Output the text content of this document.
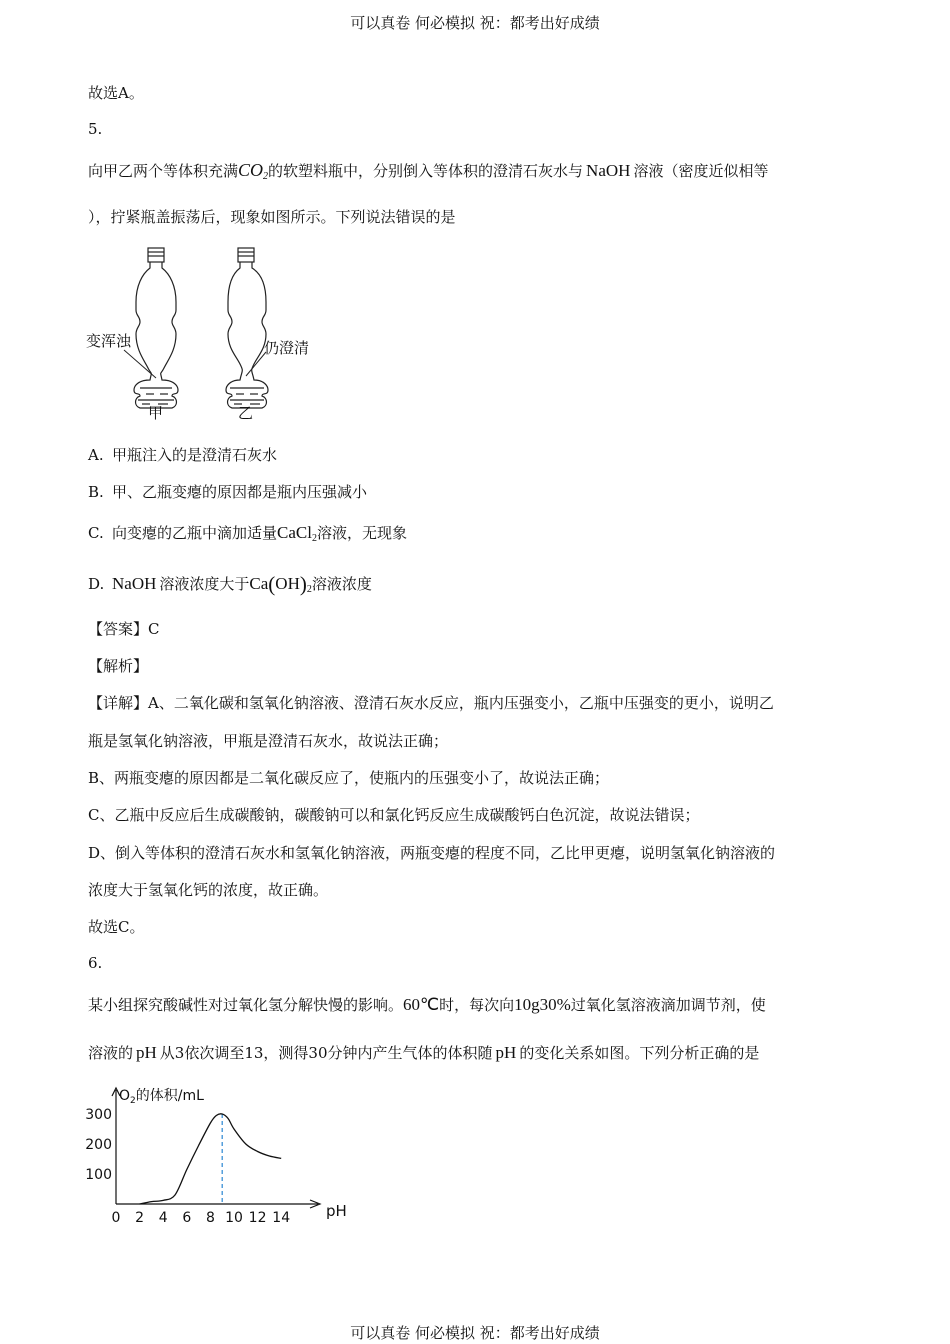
可以真卷 何必模拟 祝：都考出好成绩
故选A。
5.
向甲乙两个等体积充满$CO_2$的软塑料瓶中，分别倒入等体积的澄清石灰水与 NaOH 溶液（密度近似相等
），拧紧瓶盖振荡后，现象如图所示。下列说法错误的是
变浑浊	仍澄清
甲	乙
A. 甲瓶注入的是澄清石灰水
B. 甲、乙瓶变瘪的原因都是瓶内压强减小
C. 向变瘪的乙瓶中滴加适量CaCl$_2$溶液，无现象
D. NaOH 溶液浓度大于$Ca(OH)_2$溶液浓度
【答案】C
【解析】
【详解】A、二氧化碳和氢氧化钠溶液、澄清石灰水反应，瓶内压强变小，乙瓶中压强变的更小，说明乙
瓶是氢氧化钠溶液，甲瓶是澄清石灰水，故说法正确；
B、两瓶变瘪的原因都是二氧化碳反应了，使瓶内的压强变小了，故说法正确；
C、乙瓶中反应后生成碳酸钠，碳酸钠可以和氯化钙反应生成碳酸钙白色沉淀，故说法错误；
D、倒入等体积的澄清石灰水和氢氧化钠溶液，两瓶变瘪的程度不同，乙比甲更瘪，说明氢氧化钠溶液的
浓度大于氢氧化钙的浓度，故正确。
故选C。
6.
某小组探究酸碱性对过氧化氢分解快慢的影响。60℃时，每次向10g30%过氧化氢溶液滴加调节剂，使
溶液的 pH 从3依次调至13，测得30分钟内产生气体的体积随 pH 的变化关系如图。下列分析正确的是
$O_2$的体积/mL
pH
0 2 4 6 8 10 12 14
100
200
300
可以真卷 何必模拟 祝：都考出好成绩
